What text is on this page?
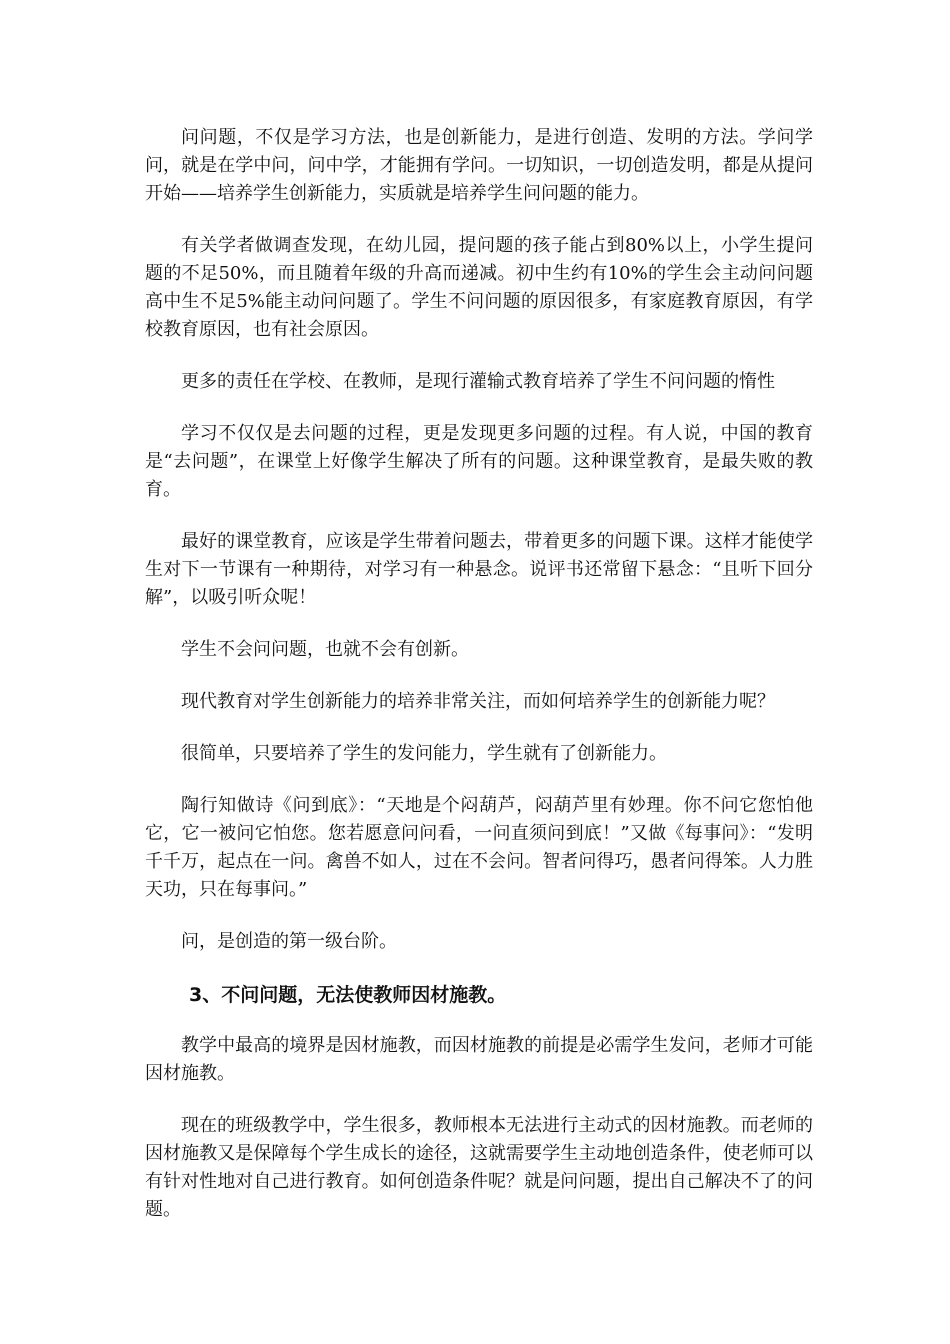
问问题，不仅是学习方法，也是创新能力，是进行创造、发明的方法。学问学问，就是在学中问，问中学，才能拥有学问。一切知识，一切创造发明，都是从提问开始——培养学生创新能力，实质就是培养学生问问题的能力。

有关学者做调查发现，在幼儿园，提问题的孩子能占到80%以上，小学生提问题的不足50%，而且随着年级的升高而递减。初中生约有10%的学生会主动问问题高中生不足5%能主动问问题了。学生不问问题的原因很多，有家庭教育原因，有学校教育原因，也有社会原因。

更多的责任在学校、在教师，是现行灌输式教育培养了学生不问问题的惰性

学习不仅仅是去问题的过程，更是发现更多问题的过程。有人说，中国的教育是“去问题”，在课堂上好像学生解决了所有的问题。这种课堂教育，是最失败的教育。

最好的课堂教育，应该是学生带着问题去，带着更多的问题下课。这样才能使学生对下一节课有一种期待，对学习有一种悬念。说评书还常留下悬念：“且听下回分解”，以吸引听众呢！

学生不会问问题，也就不会有创新。

现代教育对学生创新能力的培养非常关注，而如何培养学生的创新能力呢？

很简单，只要培养了学生的发问能力，学生就有了创新能力。

陶行知做诗《问到底》：“天地是个闷葫芦，闷葫芦里有妙理。你不问它您怕他它，它一被问它怕您。您若愿意问问看，一问直须问到底！”又做《每事问》：“发明千千万，起点在一问。禽兽不如人，过在不会问。智者问得巧，愚者问得笨。人力胜天功，只在每事问。”

问，是创造的第一级台阶。

3、不问问题，无法使教师因材施教。

教学中最高的境界是因材施教，而因材施教的前提是必需学生发问，老师才可能因材施教。

现在的班级教学中，学生很多，教师根本无法进行主动式的因材施教。而老师的因材施教又是保障每个学生成长的途径，这就需要学生主动地创造条件，使老师可以有针对性地对自己进行教育。如何创造条件呢？就是问问题，提出自己解决不了的问题。
